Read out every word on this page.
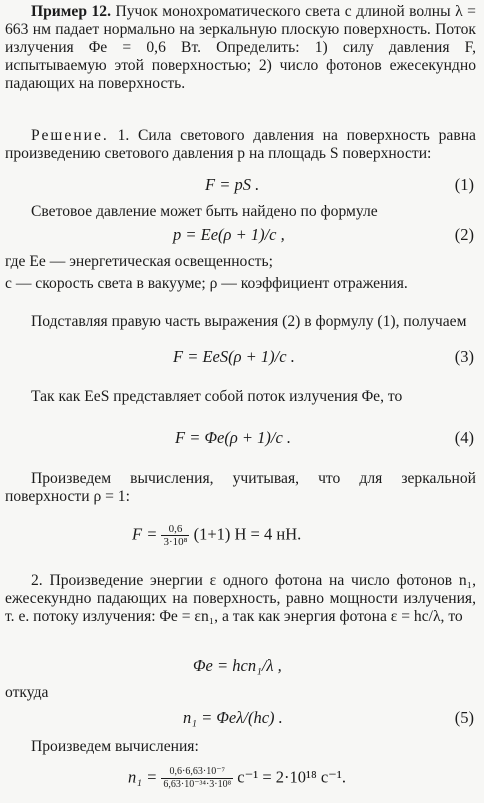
Пример 12. Пучок монохроматического света с длиной волны λ = 663 нм падает нормально на зеркальную плоскую поверхность. Поток излучения Φе = 0,6 Вт. Определить: 1) силу давления F, испытываемую этой поверхностью; 2) число фотонов ежесекундно падающих на поверхность.
Решение. 1. Сила светового давления на поверхность равна произведению светового давления p на площадь S поверхности:
F = pS .	(1)
Световое давление может быть найдено по формуле
p = Eе(ρ + 1)/c ,	(2)
где Eе — энергетическая освещенность;
c — скорость света в вакууме; ρ — коэффициент отражения.
Подставляя правую часть выражения (2) в формулу (1), получаем
F = EеS(ρ + 1)/c .	(3)
Так как EеS представляет собой поток излучения Φе, то
F = Φе(ρ + 1)/c .	(4)
Произведем вычисления, учитывая, что для зеркальной поверхности ρ = 1:
$F = \frac{0,6}{\text{3·10⁸}} (1+1) Н = 4$ нН.
2. Произведение энергии ε одного фотона на число фотонов n₁, ежесекундно падающих на поверхность, равно мощности излучения, т. е. потоку излучения: Φе = εn₁, а так как энергия фотона ε = hc/λ, то
Φе = hcn₁/λ ,
откуда
n₁ = Φеλ/(hc) .	(5)
Произведем вычисления:
$n_1 = \frac{\text{0,6·6,63·10⁻⁷}}{\text{6,63·10⁻³⁴·3·10⁸}} с^{-1} = 2\cdot 10^{18}$ с⁻¹.
